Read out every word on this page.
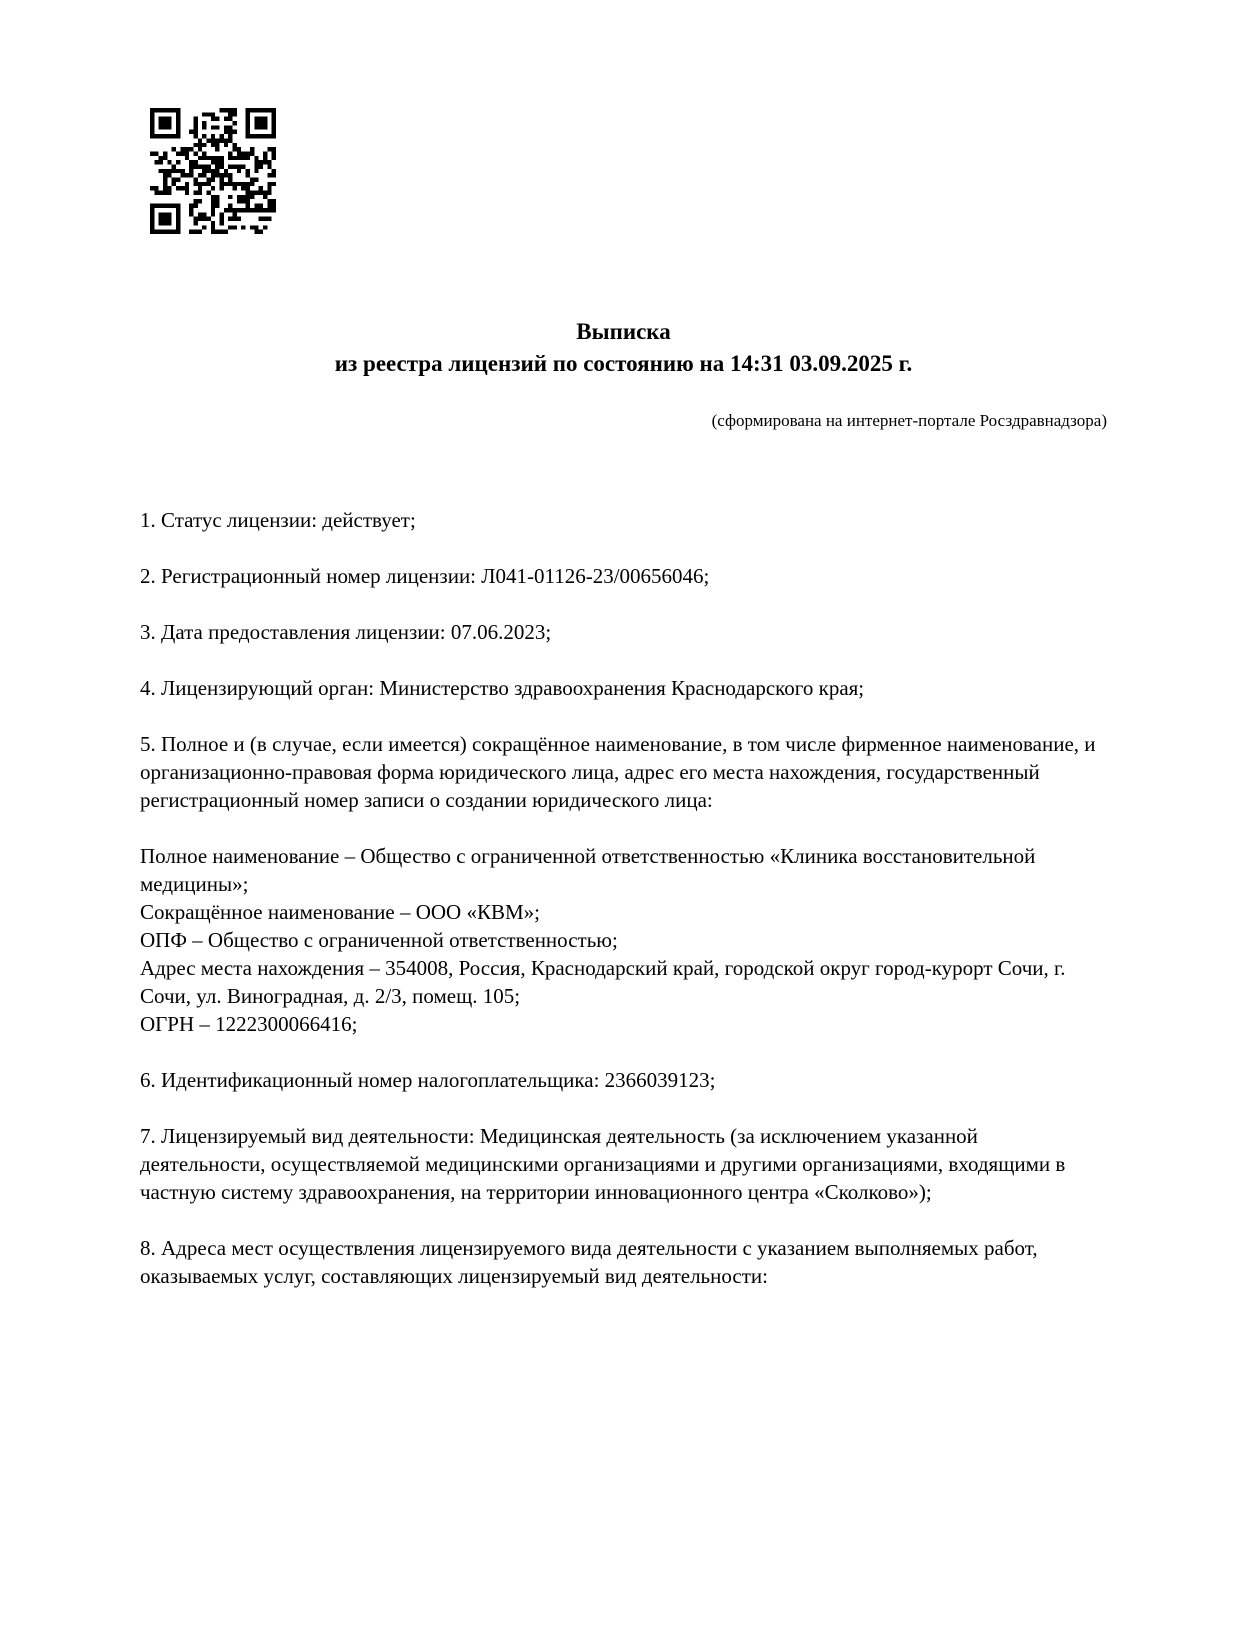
Выписка
из реестра лицензий по состоянию на 14:31 03.09.2025 г.
(сформирована на интернет-портале Росздравнадзора)

1. Статус лицензии: действует;

2. Регистрационный номер лицензии: Л041-01126-23/00656046;

3. Дата предоставления лицензии: 07.06.2023;

4. Лицензирующий орган: Министерство здравоохранения Краснодарского края;

5. Полное и (в случае, если имеется) сокращённое наименование, в том числе фирменное наименование, и организационно-правовая форма юридического лица, адрес его места нахождения, государственный регистрационный номер записи о создании юридического лица:

Полное наименование – Общество с ограниченной ответственностью «Клиника восстановительной медицины»;
Сокращённое наименование – ООО «КВМ»;
ОПФ – Общество с ограниченной ответственностью;
Адрес места нахождения – 354008, Россия, Краснодарский край, городской округ город-курорт Сочи, г. Сочи, ул. Виноградная, д. 2/3, помещ. 105;
ОГРН – 1222300066416;

6. Идентификационный номер налогоплательщика: 2366039123;

7. Лицензируемый вид деятельности: Медицинская деятельность (за исключением указанной деятельности, осуществляемой медицинскими организациями и другими организациями, входящими в частную систему здравоохранения, на территории инновационного центра «Сколково»);

8. Адреса мест осуществления лицензируемого вида деятельности с указанием выполняемых работ, оказываемых услуг, составляющих лицензируемый вид деятельности:
